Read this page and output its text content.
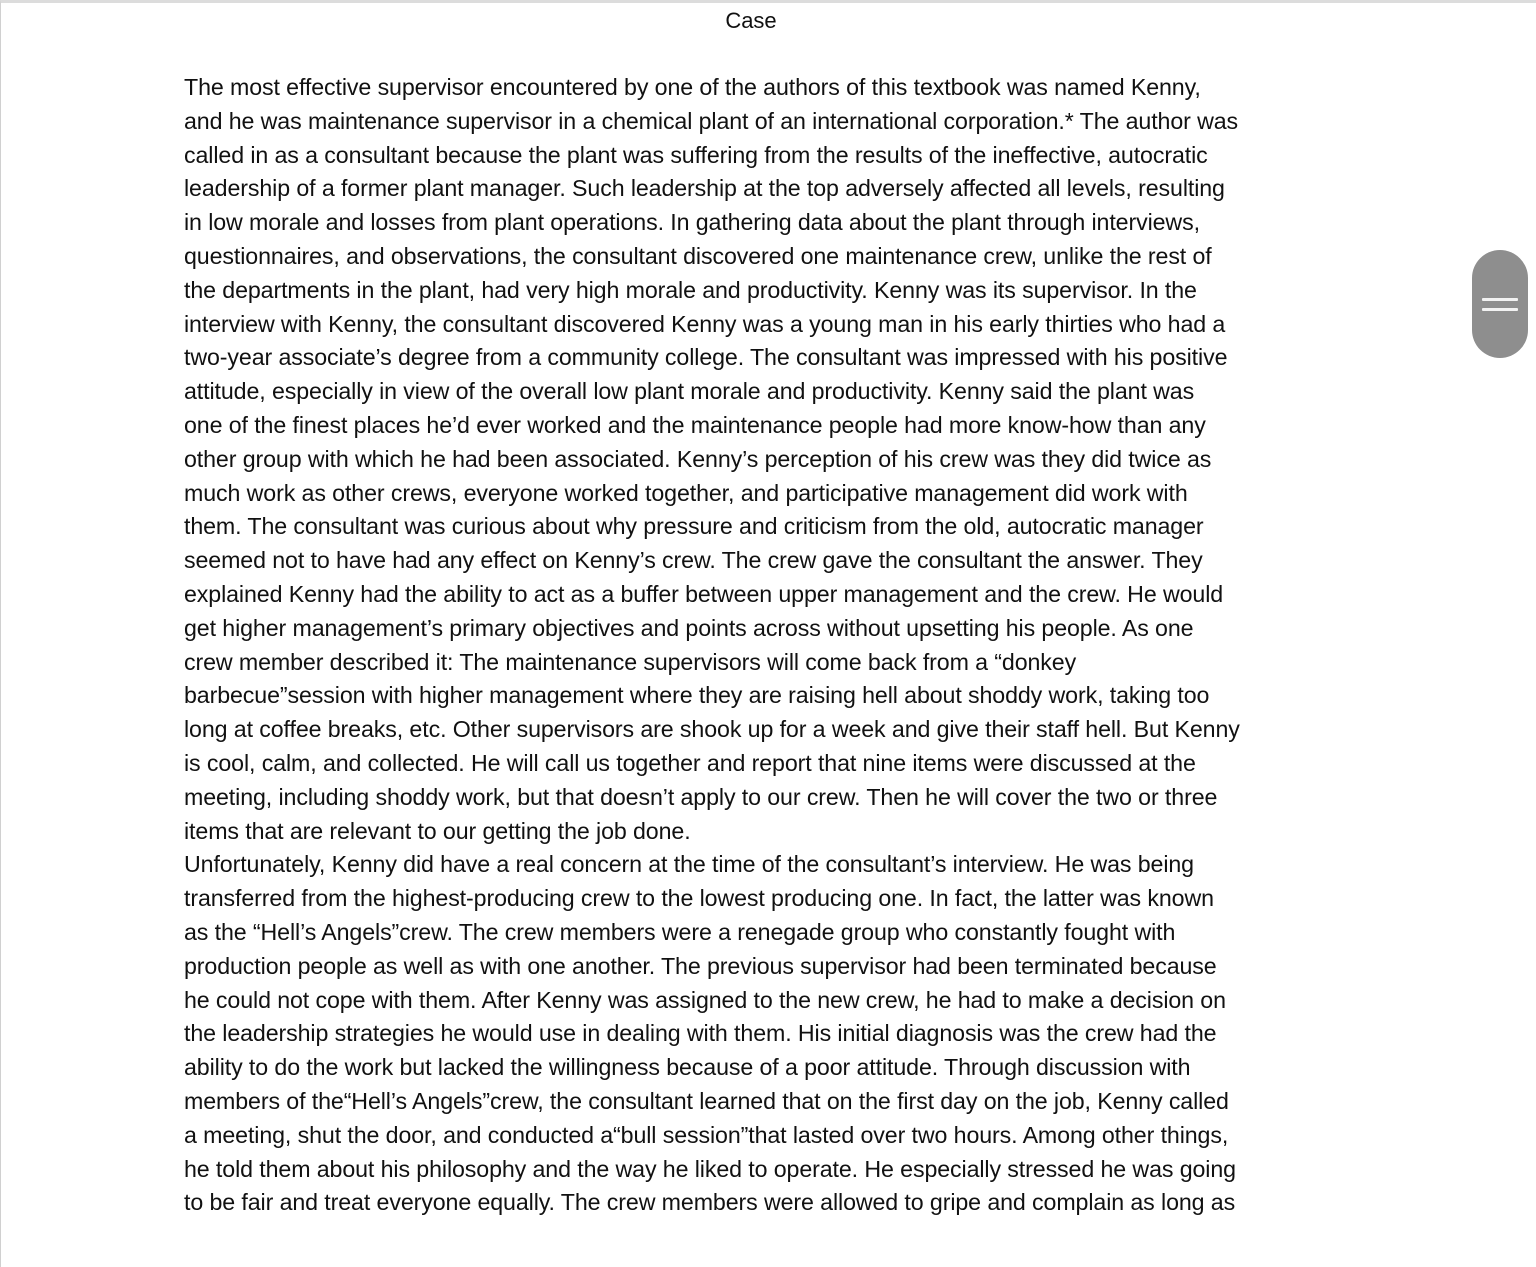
Case
The most effective supervisor encountered by one of the authors of this textbook was named Kenny,
and he was maintenance supervisor in a chemical plant of an international corporation.* The author was
called in as a consultant because the plant was suffering from the results of the ineffective, autocratic
leadership of a former plant manager. Such leadership at the top adversely affected all levels, resulting
in low morale and losses from plant operations. In gathering data about the plant through interviews,
questionnaires, and observations, the consultant discovered one maintenance crew, unlike the rest of
the departments in the plant, had very high morale and productivity. Kenny was its supervisor. In the
interview with Kenny, the consultant discovered Kenny was a young man in his early thirties who had a
two-year associate’s degree from a community college. The consultant was impressed with his positive
attitude, especially in view of the overall low plant morale and productivity. Kenny said the plant was
one of the finest places he’d ever worked and the maintenance people had more know-how than any
other group with which he had been associated. Kenny’s perception of his crew was they did twice as
much work as other crews, everyone worked together, and participative management did work with
them. The consultant was curious about why pressure and criticism from the old, autocratic manager
seemed not to have had any effect on Kenny’s crew. The crew gave the consultant the answer. They
explained Kenny had the ability to act as a buffer between upper management and the crew. He would
get higher management’s primary objectives and points across without upsetting his people. As one
crew member described it: The maintenance supervisors will come back from a “donkey
barbecue”session with higher management where they are raising hell about shoddy work, taking too
long at coffee breaks, etc. Other supervisors are shook up for a week and give their staff hell. But Kenny
is cool, calm, and collected. He will call us together and report that nine items were discussed at the
meeting, including shoddy work, but that doesn’t apply to our crew. Then he will cover the two or three
items that are relevant to our getting the job done.
Unfortunately, Kenny did have a real concern at the time of the consultant’s interview. He was being
transferred from the highest-producing crew to the lowest producing one. In fact, the latter was known
as the “Hell’s Angels”crew. The crew members were a renegade group who constantly fought with
production people as well as with one another. The previous supervisor had been terminated because
he could not cope with them. After Kenny was assigned to the new crew, he had to make a decision on
the leadership strategies he would use in dealing with them. His initial diagnosis was the crew had the
ability to do the work but lacked the willingness because of a poor attitude. Through discussion with
members of the“Hell’s Angels”crew, the consultant learned that on the first day on the job, Kenny called
a meeting, shut the door, and conducted a“bull session”that lasted over two hours. Among other things,
he told them about his philosophy and the way he liked to operate. He especially stressed he was going
to be fair and treat everyone equally. The crew members were allowed to gripe and complain as long as
